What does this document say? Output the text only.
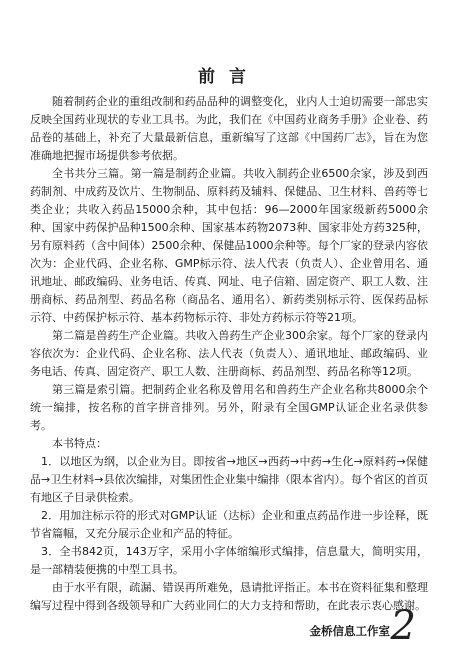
前言

随着制药企业的重组改制和药品品种的调整变化，业内人士迫切需要一部忠实反映全国药业现状的专业工具书。为此，我们在《中国药业商务手册》企业卷、药品卷的基础上，补充了大量最新信息，重新编写了这部《中国药厂志》，旨在为您准确地把握市场提供参考依据。

全书共分三篇。第一篇是制药企业篇。共收入制药企业6500余家，涉及到西药制剂、中成药及饮片、生物制品、原料药及辅料、保健品、卫生材料、兽药等七类企业；共收入药品15000余种，其中包括：96—2000年国家级新药5000余种、国家中药保护品种1500余种、国家基本药物2073种、国家非处方药325种，另有原料药（含中间体）2500余种、保健品1000余种等。每个厂家的登录内容依次为：企业代码、企业名称、GMP标示符、法人代表（负责人）、企业曾用名、通讯地址、邮政编码、业务电话、传真、网址、电子信箱、固定资产、职工人数、注册商标、药品剂型、药品名称（商品名、通用名）、新药类别标示符、医保药品标示符、中药保护标示符、基本药物标示符、非处方药标示符等21项。

第二篇是兽药生产企业篇。共收入兽药生产企业300余家。每个厂家的登录内容依次为：企业代码、企业名称、法人代表（负责人）、通讯地址、邮政编码、业务电话、传真、固定资产、职工人数、注册商标、药品剂型、药品名称等12项。

第三篇是索引篇。把制药企业名称及曾用名和兽药生产企业名称共8000余个统一编排，按名称的首字拼音排列。另外，附录有全国GMP认证企业名录供参考。

本书特点：

1．以地区为纲，以企业为目。即按省→地区→西药→中药→生化→原料药→保健品→卫生材料→县依次编排，对集团性企业集中编排（限本省内）。每个省区的首页有地区子目录供检索。

2．用加注标示符的形式对GMP认证（达标）企业和重点药品作进一步诠释，既节省篇幅，又充分展示企业和产品的特征。

3．全书842页，143万字，采用小字体缩编形式编排，信息量大，简明实用，是一部精装便携的中型工具书。

由于水平有限，疏漏、错误再所难免，恳请批评指正。本书在资料征集和整理编写过程中得到各级领导和广大药业同仁的大力支持和帮助，在此表示衷心感谢。

金桥信息工作室 2
